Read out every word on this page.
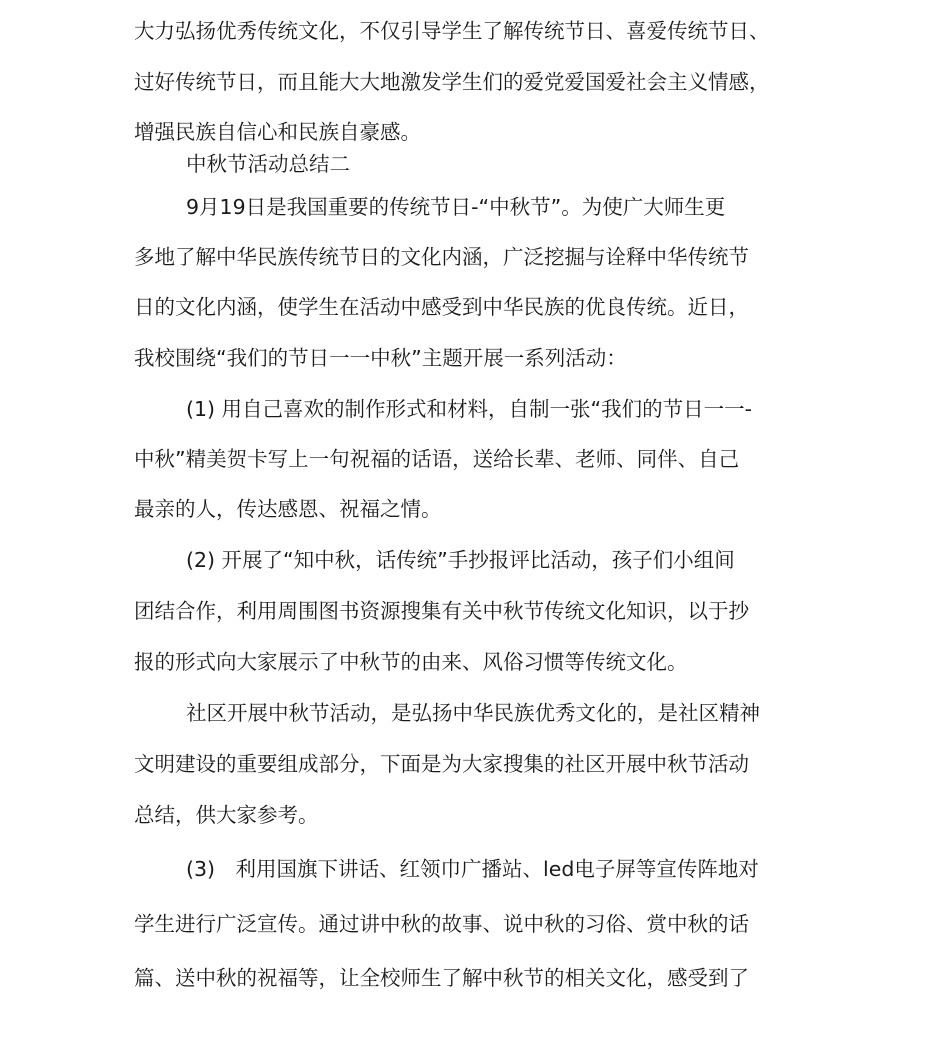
大力弘扬优秀传统文化，不仅引导学生了解传统节日、喜爱传统节日、
过好传统节日，而且能大大地激发学生们的爱党爱国爱社会主义情感，
增强民族自信心和民族自豪感。
中秋节活动总结二
9月19日是我国重要的传统节日-“中秋节”。为使广大师生更
多地了解中华民族传统节日的文化内涵，广泛挖掘与诠释中华传统节
日的文化内涵，使学生在活动中感受到中华民族的优良传统。近日，
我校围绕“我们的节日一一中秋”主题开展一系列活动：
(1) 用自己喜欢的制作形式和材料，自制一张“我们的节日一一-
中秋”精美贺卡写上一句祝福的话语，送给长辈、老师、同伴、自己
最亲的人，传达感恩、祝福之情。
(2) 开展了“知中秋，话传统”手抄报评比活动，孩子们小组间
团结合作，利用周围图书资源搜集有关中秋节传统文化知识，以于抄
报的形式向大家展示了中秋节的由来、风俗习惯等传统文化。
社区开展中秋节活动，是弘扬中华民族优秀文化的，是社区精神
文明建设的重要组成部分，下面是为大家搜集的社区开展中秋节活动
总结，供大家参考。
(3)　利用国旗下讲话、红领巾广播站、led电子屏等宣传阵地对
学生进行广泛宣传。通过讲中秋的故事、说中秋的习俗、赏中秋的话
篇、送中秋的祝福等，让全校师生了解中秋节的相关文化，感受到了
